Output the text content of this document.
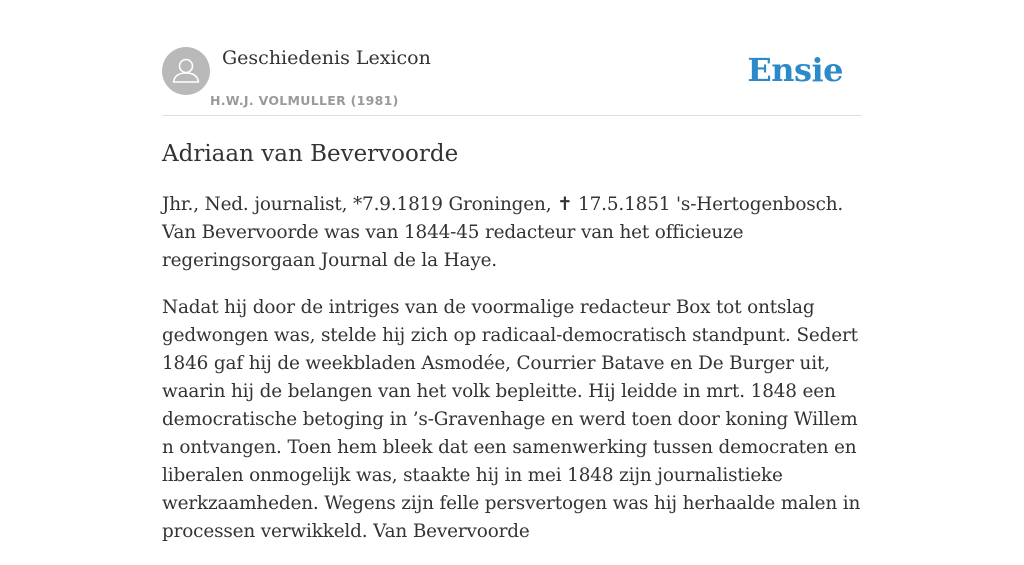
Geschiedenis Lexicon
H.W.J. VOLMULLER (1981)
Ensie
Adriaan van Bevervoorde

Jhr., Ned. journalist, *7.9.1819 Groningen, ✝ 17.5.1851 's-Hertogenbosch. Van Bevervoorde was van 1844-45 redacteur van het officieuze regeringsorgaan Journal de la Haye.

Nadat hij door de intriges van de voormalige redacteur Box tot ontslag gedwongen was, stelde hij zich op radicaal-democratisch standpunt. Sedert 1846 gaf hij de weekbladen Asmodée, Courrier Batave en De Burger uit, waarin hij de belangen van het volk bepleitte. Hij leidde in mrt. 1848 een democratische betoging in ’s-Gravenhage en werd toen door koning Willem n ontvangen. Toen hem bleek dat een samenwerking tussen democraten en liberalen onmogelijk was, staakte hij in mei 1848 zijn journalistieke werkzaamheden. Wegens zijn felle persvertogen was hij herhaalde malen in processen verwikkeld. Van Bevervoorde
